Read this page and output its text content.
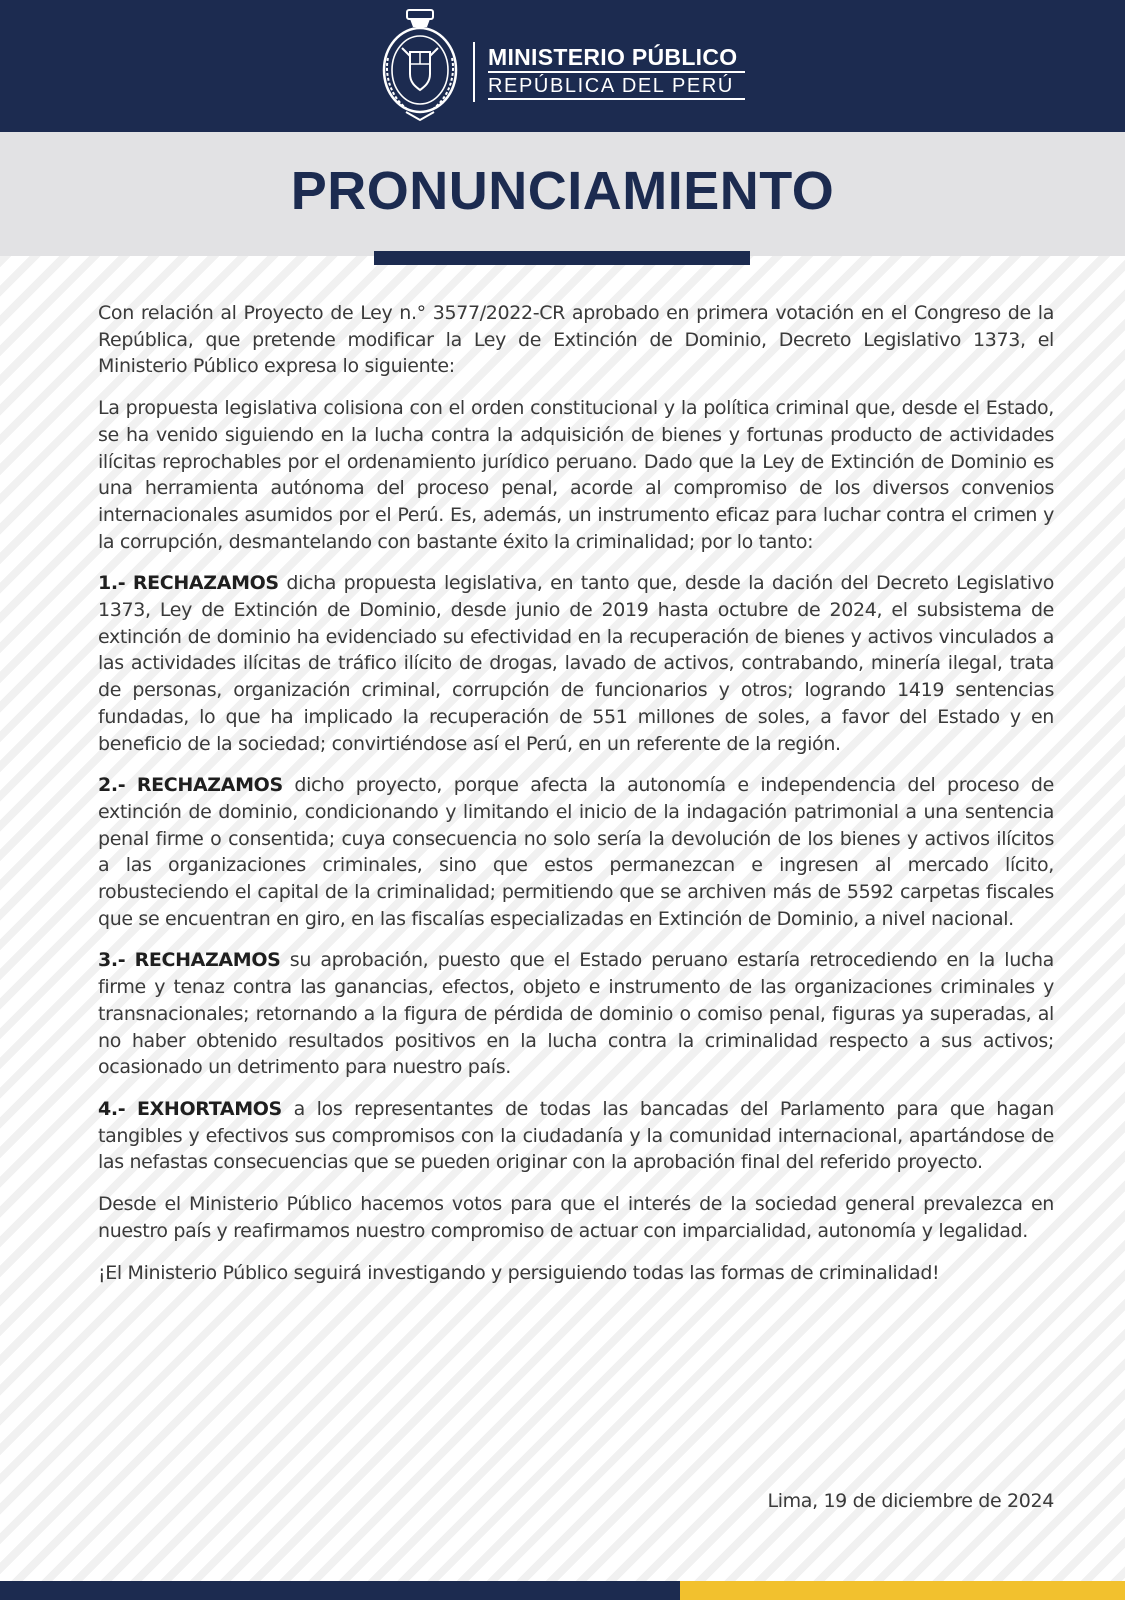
MINISTERIO PÚBLICO
REPÚBLICA DEL PERÚ
PRONUNCIAMIENTO

Con relación al Proyecto de Ley n.° 3577/2022-CR aprobado en primera votación en el Congreso de la República, que pretende modificar la Ley de Extinción de Dominio, Decreto Legislativo 1373, el Ministerio Público expresa lo siguiente:

La propuesta legislativa colisiona con el orden constitucional y la política criminal que, desde el Estado, se ha venido siguiendo en la lucha contra la adquisición de bienes y fortunas producto de actividades ilícitas reprochables por el ordenamiento jurídico peruano. Dado que la Ley de Extinción de Dominio es una herramienta autónoma del proceso penal, acorde al compromiso de los diversos convenios internacionales asumidos por el Perú. Es, además, un instrumento eficaz para luchar contra el crimen y la corrupción, desmantelando con bastante éxito la criminalidad; por lo tanto:

1.- RECHAZAMOS dicha propuesta legislativa, en tanto que, desde la dación del Decreto Legislativo 1373, Ley de Extinción de Dominio, desde junio de 2019 hasta octubre de 2024, el subsistema de extinción de dominio ha evidenciado su efectividad en la recuperación de bienes y activos vinculados a las actividades ilícitas de tráfico ilícito de drogas, lavado de activos, contrabando, minería ilegal, trata de personas, organización criminal, corrupción de funcionarios y otros; logrando 1419 sentencias fundadas, lo que ha implicado la recuperación de 551 millones de soles, a favor del Estado y en beneficio de la sociedad; convirtiéndose así el Perú, en un referente de la región.

2.- RECHAZAMOS dicho proyecto, porque afecta la autonomía e independencia del proceso de extinción de dominio, condicionando y limitando el inicio de la indagación patrimonial a una sentencia penal firme o consentida; cuya consecuencia no solo sería la devolución de los bienes y activos ilícitos a las organizaciones criminales, sino que estos permanezcan e ingresen al mercado lícito, robusteciendo el capital de la criminalidad; permitiendo que se archiven más de 5592 carpetas fiscales que se encuentran en giro, en las fiscalías especializadas en Extinción de Dominio, a nivel nacional.

3.- RECHAZAMOS su aprobación, puesto que el Estado peruano estaría retrocediendo en la lucha firme y tenaz contra las ganancias, efectos, objeto e instrumento de las organizaciones criminales y transnacionales; retornando a la figura de pérdida de dominio o comiso penal, figuras ya superadas, al no haber obtenido resultados positivos en la lucha contra la criminalidad respecto a sus activos; ocasionado un detrimento para nuestro país.

4.- EXHORTAMOS a los representantes de todas las bancadas del Parlamento para que hagan tangibles y efectivos sus compromisos con la ciudadanía y la comunidad internacional, apartándose de las nefastas consecuencias que se pueden originar con la aprobación final del referido proyecto.

Desde el Ministerio Público hacemos votos para que el interés de la sociedad general prevalezca en nuestro país y reafirmamos nuestro compromiso de actuar con imparcialidad, autonomía y legalidad.

¡El Ministerio Público seguirá investigando y persiguiendo todas las formas de criminalidad!

Lima, 19 de diciembre de 2024
